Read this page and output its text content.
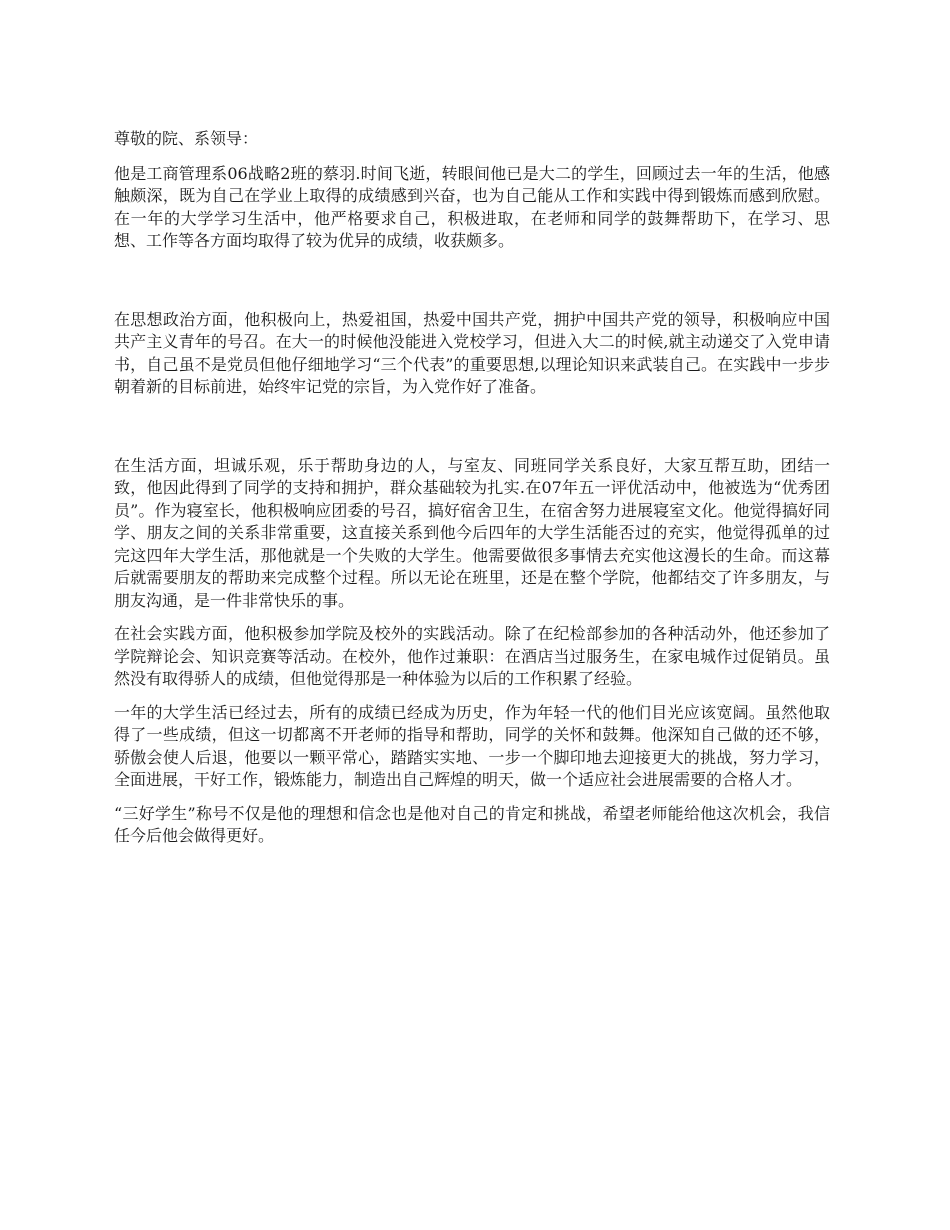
尊敬的院、系领导：

他是工商管理系06战略2班的蔡羽.时间飞逝，转眼间他已是大二的学生，回顾过去一年的生活，他感触颇深，既为自己在学业上取得的成绩感到兴奋，也为自己能从工作和实践中得到锻炼而感到欣慰。在一年的大学学习生活中，他严格要求自己，积极进取，在老师和同学的鼓舞帮助下，在学习、思想、工作等各方面均取得了较为优异的成绩，收获颇多。

在思想政治方面，他积极向上，热爱祖国，热爱中国共产党，拥护中国共产党的领导，积极响应中国共产主义青年的号召。在大一的时候他没能进入党校学习，但进入大二的时候,就主动递交了入党申请书，自己虽不是党员但他仔细地学习“三个代表”的重要思想,以理论知识来武装自己。在实践中一步步朝着新的目标前进，始终牢记党的宗旨，为入党作好了准备。

在生活方面，坦诚乐观，乐于帮助身边的人，与室友、同班同学关系良好，大家互帮互助，团结一致，他因此得到了同学的支持和拥护，群众基础较为扎实.在07年五一评优活动中，他被选为“优秀团员”。作为寝室长，他积极响应团委的号召，搞好宿舍卫生，在宿舍努力进展寝室文化。他觉得搞好同学、朋友之间的关系非常重要，这直接关系到他今后四年的大学生活能否过的充实，他觉得孤单的过完这四年大学生活，那他就是一个失败的大学生。他需要做很多事情去充实他这漫长的生命。而这幕后就需要朋友的帮助来完成整个过程。所以无论在班里，还是在整个学院，他都结交了许多朋友，与朋友沟通，是一件非常快乐的事。

在社会实践方面，他积极参加学院及校外的实践活动。除了在纪检部参加的各种活动外，他还参加了学院辩论会、知识竞赛等活动。在校外，他作过兼职：在酒店当过服务生，在家电城作过促销员。虽然没有取得骄人的成绩，但他觉得那是一种体验为以后的工作积累了经验。

一年的大学生活已经过去，所有的成绩已经成为历史，作为年轻一代的他们目光应该宽阔。虽然他取得了一些成绩，但这一切都离不开老师的指导和帮助，同学的关怀和鼓舞。他深知自己做的还不够，骄傲会使人后退，他要以一颗平常心，踏踏实实地、一步一个脚印地去迎接更大的挑战，努力学习，全面进展，干好工作，锻炼能力，制造出自己辉煌的明天，做一个适应社会进展需要的合格人才。

“三好学生”称号不仅是他的理想和信念也是他对自己的肯定和挑战，希望老师能给他这次机会，我信任今后他会做得更好。
